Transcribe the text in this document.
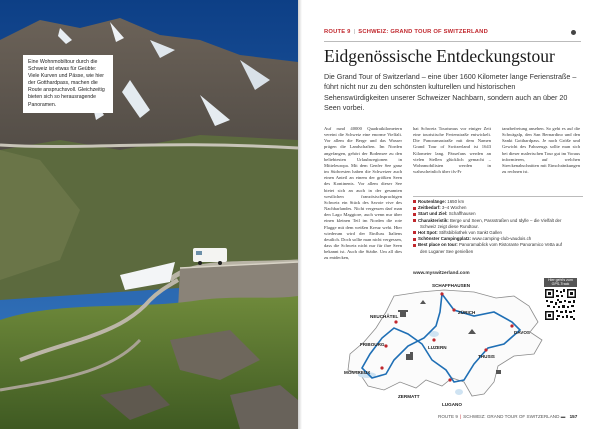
Eine Wohnmobiltour durch die Schweiz ist etwas für Geübte: Viele Kurven und Pässe, wie hier der Gotthardpass, machen die Route anspruchsvoll. Gleichzeitig bieten sich so herausragende Panoramen.
ROUTE 9 | SCHWEIZ: GRAND TOUR OF SWITZERLAND
Eidgenössische Entdeckungstour
Die Grand Tour of Switzerland – eine über 1600 Kilometer lange Ferienstraße – führt nicht nur zu den schönsten kulturellen und historischen Sehenswürdigkeiten unserer Schweizer Nachbarn, sondern auch an über 20 Seen vorbei.
Auf rund 40000 Quadratkilometern vereint die Schweiz eine enorme Vielfalt. Vor allem die Berge und das Wasser prägen die Landschaften. Im Norden angefangen, gehört der Bodensee zu den beliebtesten Urlaubsregionen in Mitteleuropa. Mit dem Genfer See ganz im Südwesten haben die Schweizer auch einen Anteil an einem der größten Seen des Kontinents. Vor allem dieser See bietet sich an auch in der gesamten westlichen französischsprachigen Schweiz ein Stück des Savoie vive des Nachbarlandes. Nicht vergessen darf man den Lago Maggiore, auch wenn nur über einen kleinen Teil im Norden die rote Flagge mit dem weißen Kreuz weht. Hier wiederum wird der Einfluss Italiens deutlich. Doch sollte man nicht vergessen, dass die Schweiz nicht nur für ihre Seen bekannt ist. Auch die Städte. Um all dies zu entdecken,
hat Schweiz Tourismus vor einiger Zeit eine touristische Ferienstraße entwickelt. Die Panoramastraße mit dem Namen Grand Tour of Switzerland ist 1643 Kilometer lang. Pässefans werden an vielen Stellen glücklich gemacht – Wohnmobilisten werden in wahrscheinlich über ifs-Fr
tanzbefreiung ansehen. So geht es auf die Schwägalp, den San Bernardino und den Sankt Gotthardpass. Je nach Größe und Gewicht des Fahrzeugs sollte man sich bei dieser malerischen Tour gut im Voraus informieren, auf welchen Streckenabschnitten mit Einschränkungen zu rechnen ist.
Routenlänge: 1650 km
Zeitbedarf: 3–4 Wochen
Start und Ziel: Schaffhausen
Charakteristik: Berge und Seen, Passstraßen und Idylle – die Vielfalt der
Schweiz zeigt diese Rundtour.
Hot Spot: Stiftsbibliothek von Sankt Gallen
Schönster Campingplatz: www.camping-club-vaudois.ch
Best place on tour: Panoramablick vom Ristorante Panoramico Vetta auf
den Luganer See genießen
www.myswitzerland.com
Hier geht's zum GPS-Track
SCHAFFHAUSEN
ZÜRICH
NEUCHÂTEL
FRIBOURG
LUZERN
DAVOS
THUSIS
MONTREUX
ZERMATT
LUGANO
ROUTE 9 | SCHWEIZ: GRAND TOUR OF SWITZERLAND ▬ 157
